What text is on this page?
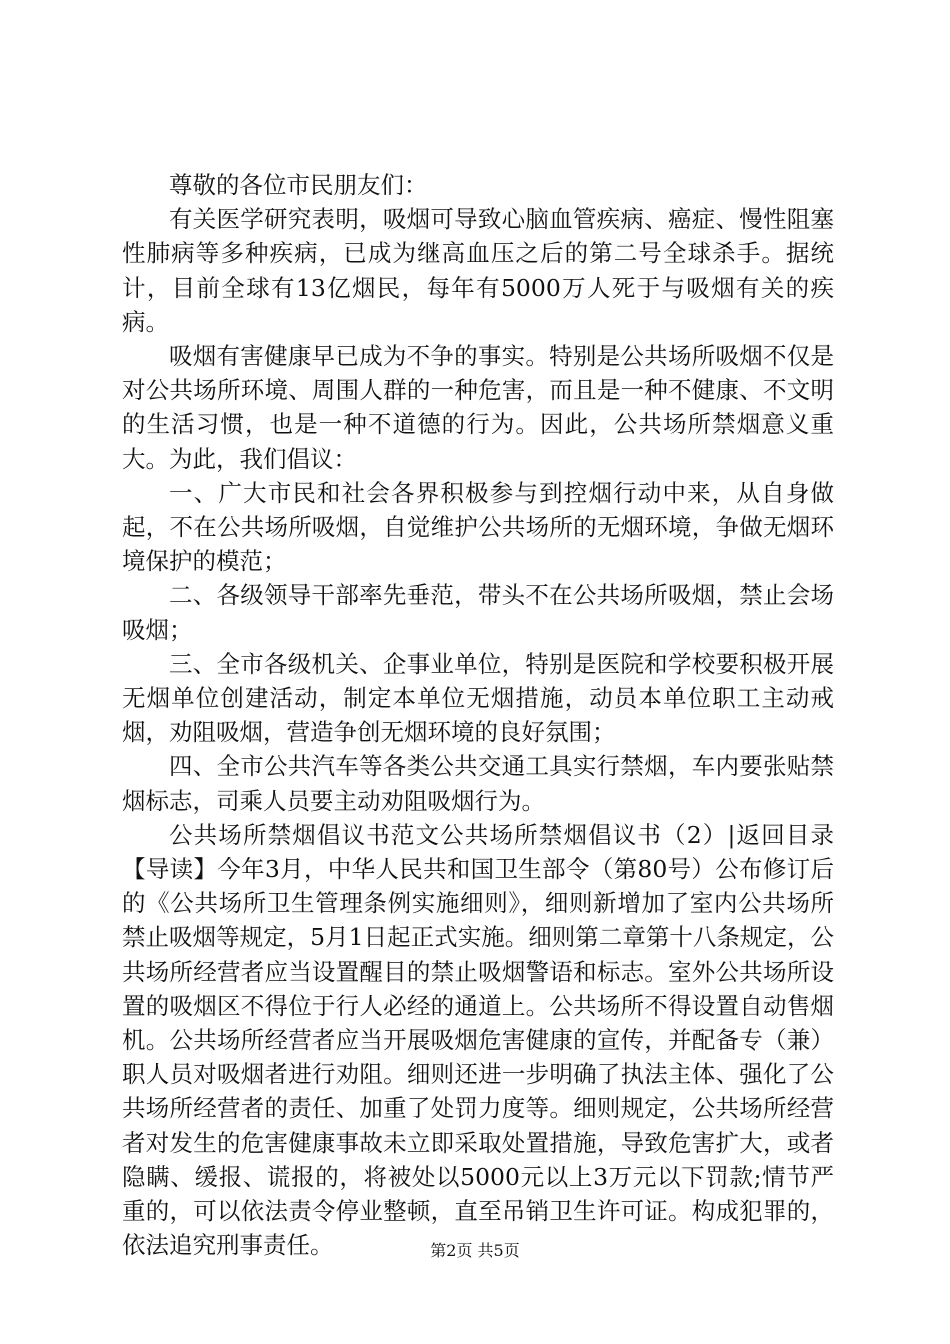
尊敬的各位市民朋友们：

有关医学研究表明，吸烟可导致心脑血管疾病、癌症、慢性阻塞性肺病等多种疾病，已成为继高血压之后的第二号全球杀手。据统计，目前全球有13亿烟民，每年有5000万人死于与吸烟有关的疾病。

吸烟有害健康早已成为不争的事实。特别是公共场所吸烟不仅是对公共场所环境、周围人群的一种危害，而且是一种不健康、不文明的生活习惯，也是一种不道德的行为。因此，公共场所禁烟意义重大。为此，我们倡议：

一、广大市民和社会各界积极参与到控烟行动中来，从自身做起，不在公共场所吸烟，自觉维护公共场所的无烟环境，争做无烟环境保护的模范；

二、各级领导干部率先垂范，带头不在公共场所吸烟，禁止会场吸烟；

三、全市各级机关、企事业单位，特别是医院和学校要积极开展无烟单位创建活动，制定本单位无烟措施，动员本单位职工主动戒烟，劝阻吸烟，营造争创无烟环境的良好氛围；

四、全市公共汽车等各类公共交通工具实行禁烟，车内要张贴禁烟标志，司乘人员要主动劝阻吸烟行为。

公共场所禁烟倡议书范文公共场所禁烟倡议书（2）|返回目录【导读】今年3月，中华人民共和国卫生部令（第80号）公布修订后的《公共场所卫生管理条例实施细则》，细则新增加了室内公共场所禁止吸烟等规定，5月1日起正式实施。细则第二章第十八条规定，公共场所经营者应当设置醒目的禁止吸烟警语和标志。室外公共场所设置的吸烟区不得位于行人必经的通道上。公共场所不得设置自动售烟机。公共场所经营者应当开展吸烟危害健康的宣传，并配备专（兼）职人员对吸烟者进行劝阻。细则还进一步明确了执法主体、强化了公共场所经营者的责任、加重了处罚力度等。细则规定，公共场所经营者对发生的危害健康事故未立即采取处置措施，导致危害扩大，或者隐瞒、缓报、谎报的，将被处以5000元以上3万元以下罚款;情节严重的，可以依法责令停业整顿，直至吊销卫生许可证。构成犯罪的，依法追究刑事责任。	第2页 共5页
